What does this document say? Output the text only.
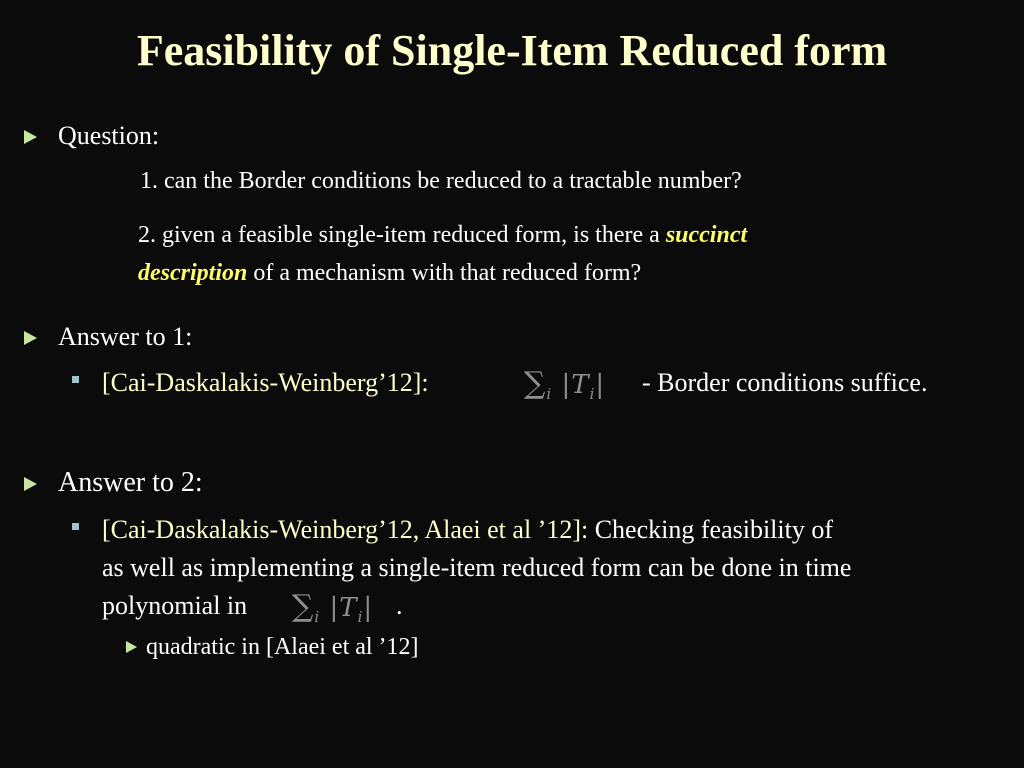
Feasibility of Single-Item Reduced form
Question:
1. can the Border conditions be reduced to a tractable number?
2. given a feasible single-item reduced form, is there a succinct
description of a mechanism with that reduced form?
Answer to 1:
[Cai-Daskalakis-Weinberg’12]:	$\sum_i$ $|T_i|$ - Border conditions suffice.
Answer to 2:
[Cai-Daskalakis-Weinberg’12, Alaei et al ’12]: Checking feasibility of
as well as implementing a single-item reduced form can be done in time
polynomial in $\sum_i$ $|T_i|$ .
quadratic in [Alaei et al ’12]
